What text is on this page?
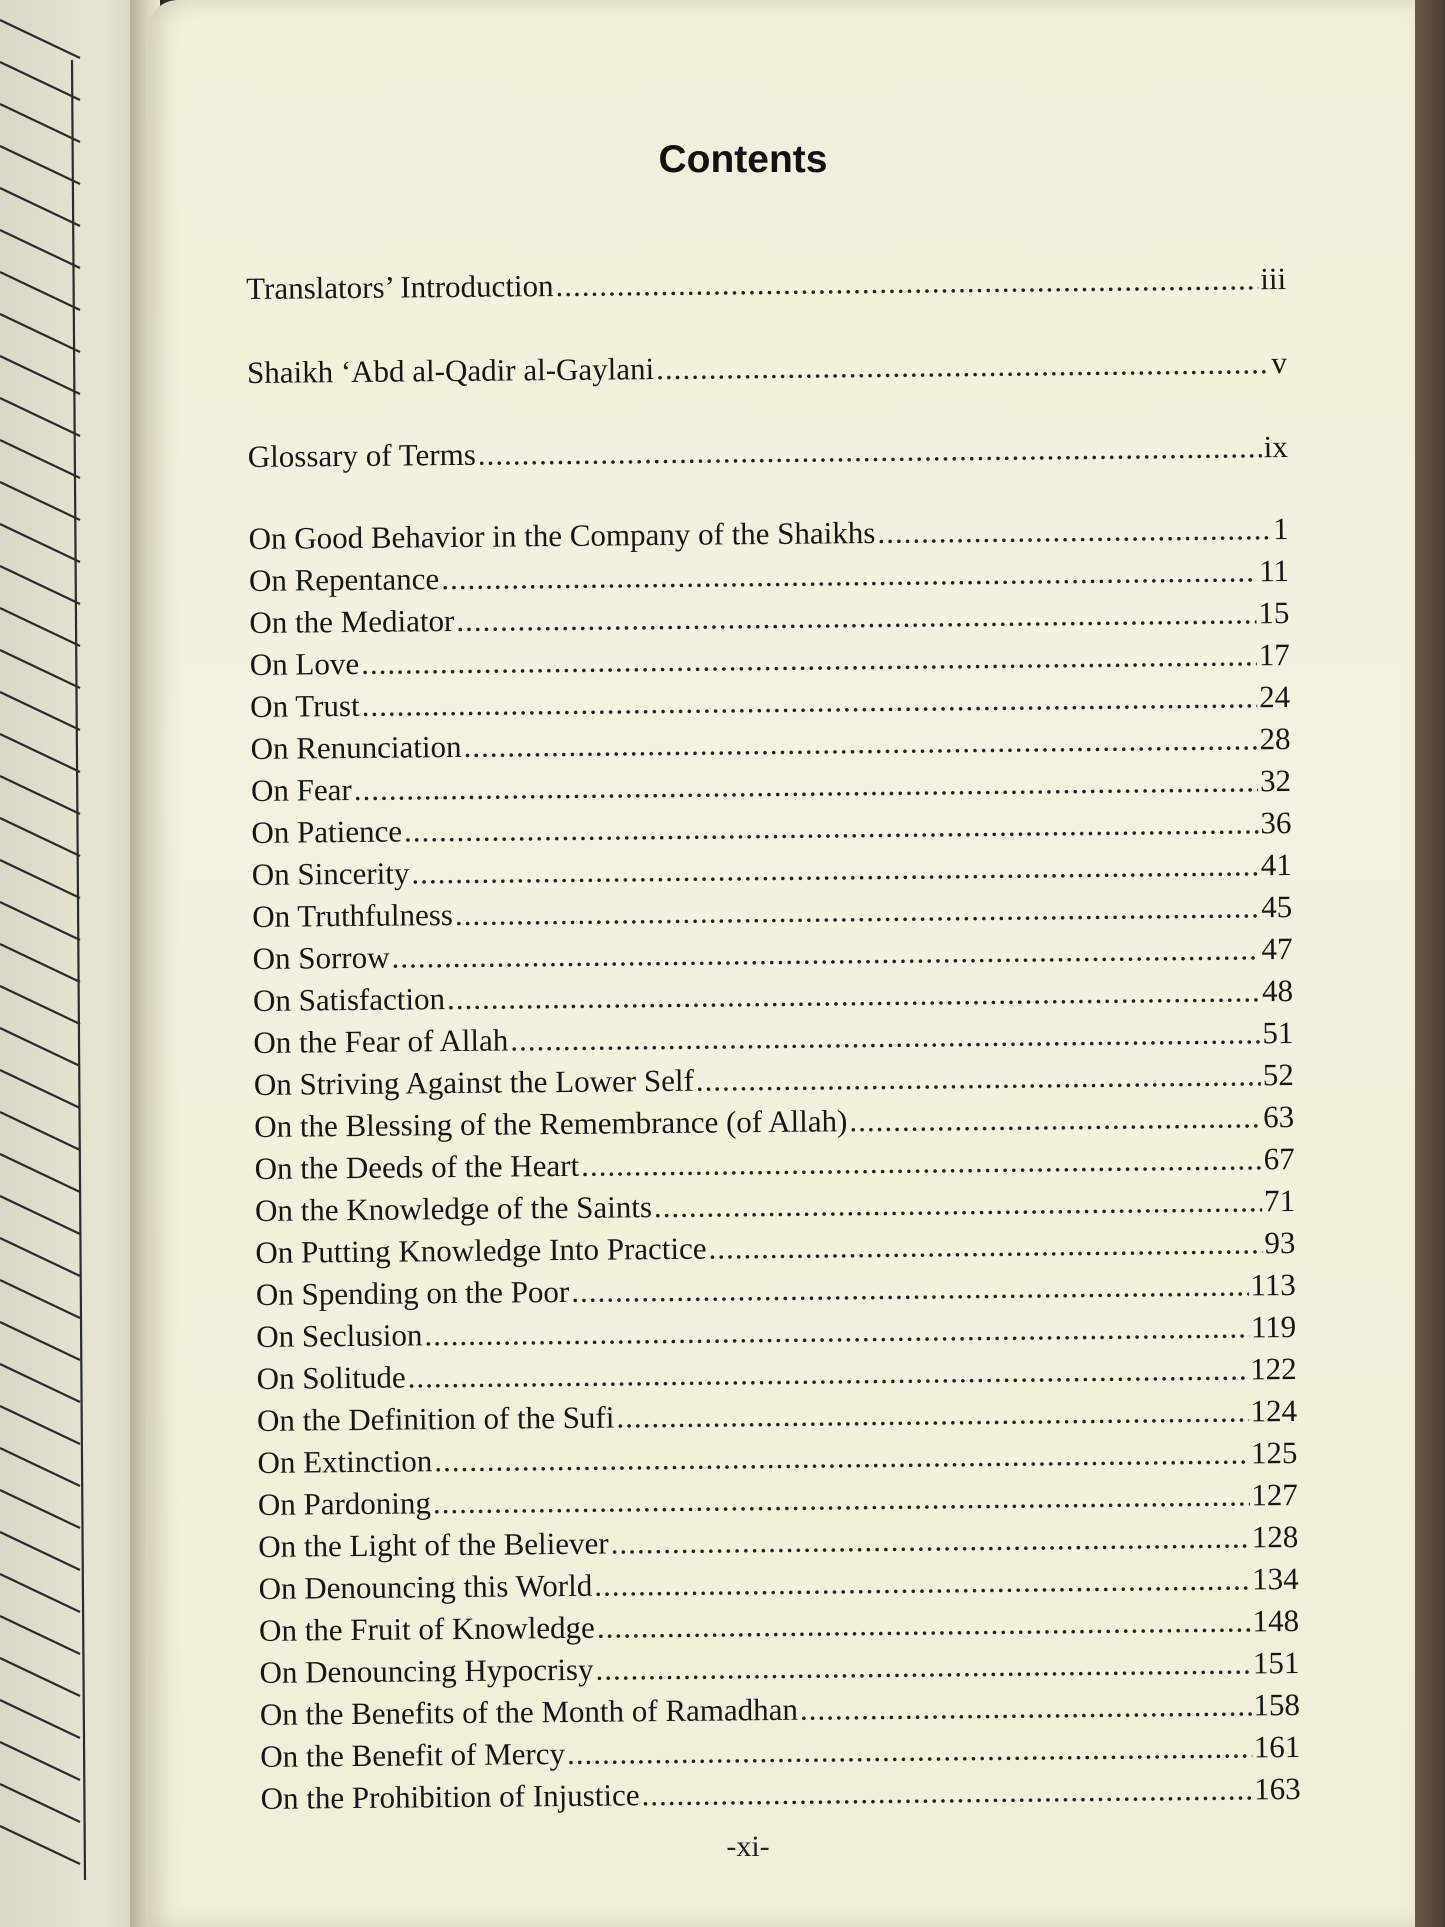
Contents
Translators’ Introduction .....	iii
Shaikh ‘Abd al-Qadir al-Gaylani .....	v
Glossary of Terms .....	ix
On Good Behavior in the Company of the Shaikhs .....	1
On Repentance .....	11
On the Mediator .....	15
On Love .....	17
On Trust .....	24
On Renunciation .....	28
On Fear .....	32
On Patience .....	36
On Sincerity .....	41
On Truthfulness .....	45
On Sorrow .....	47
On Satisfaction .....	48
On the Fear of Allah .....	51
On Striving Against the Lower Self .....	52
On the Blessing of the Remembrance (of Allah) .....	63
On the Deeds of the Heart .....	67
On the Knowledge of the Saints .....	71
On Putting Knowledge Into Practice .....	93
On Spending on the Poor .....	113
On Seclusion .....	119
On Solitude .....	122
On the Definition of the Sufi .....	124
On Extinction .....	125
On Pardoning .....	127
On the Light of the Believer .....	128
On Denouncing this World .....	134
On the Fruit of Knowledge .....	148
On Denouncing Hypocrisy .....	151
On the Benefits of the Month of Ramadhan .....	158
On the Benefit of Mercy .....	161
On the Prohibition of Injustice .....	163
-xi-
